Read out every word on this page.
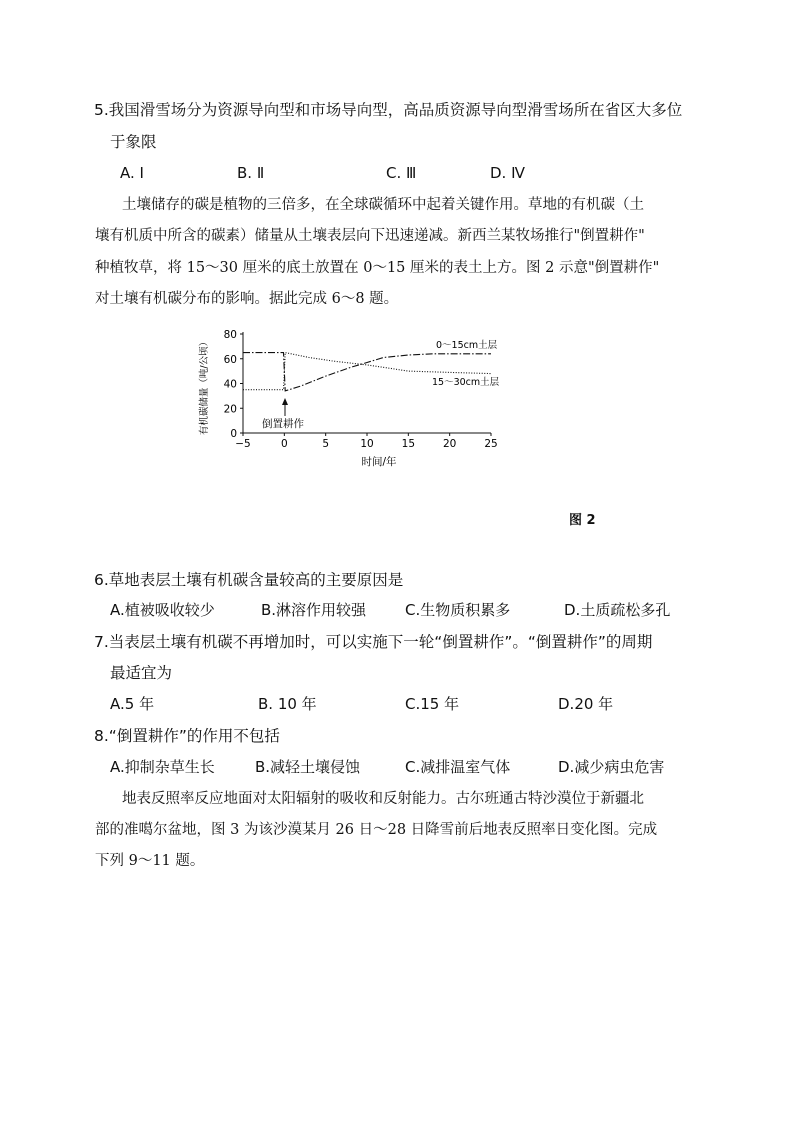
5.我国滑雪场分为资源导向型和市场导向型，高品质资源导向型滑雪场所在省区大多位
于象限
A. Ⅰ	B. Ⅱ	C. Ⅲ	D. Ⅳ
土壤储存的碳是植物的三倍多，在全球碳循环中起着关键作用。草地的有机碳（土
壤有机质中所含的碳素）储量从土壤表层向下迅速递减。新西兰某牧场推行"倒置耕作"
种植牧草，将 15～30 厘米的底土放置在 0～15 厘米的表土上方。图 2 示意"倒置耕作"
对土壤有机碳分布的影响。据此完成 6～8 题。
有机碳储量（吨/公顷）
时间/年
−5	0	5	10	15	20	25
0
20
40
60
80
0～15cm土层
15～30cm土层
倒置耕作
图 2
6.草地表层土壤有机碳含量较高的主要原因是
A.植被吸收较少	B.淋溶作用较强	C.生物质积累多	D.土质疏松多孔
7.当表层土壤有机碳不再增加时，可以实施下一轮“倒置耕作”。“倒置耕作”的周期
最适宜为
A.5 年	B. 10 年	C.15 年	D.20 年
8.“倒置耕作”的作用不包括
A.抑制杂草生长	B.减轻土壤侵蚀	C.减排温室气体	D.减少病虫危害
地表反照率反应地面对太阳辐射的吸收和反射能力。古尔班通古特沙漠位于新疆北
部的准噶尔盆地，图 3 为该沙漠某月 26 日～28 日降雪前后地表反照率日变化图。完成
下列 9～11 题。
